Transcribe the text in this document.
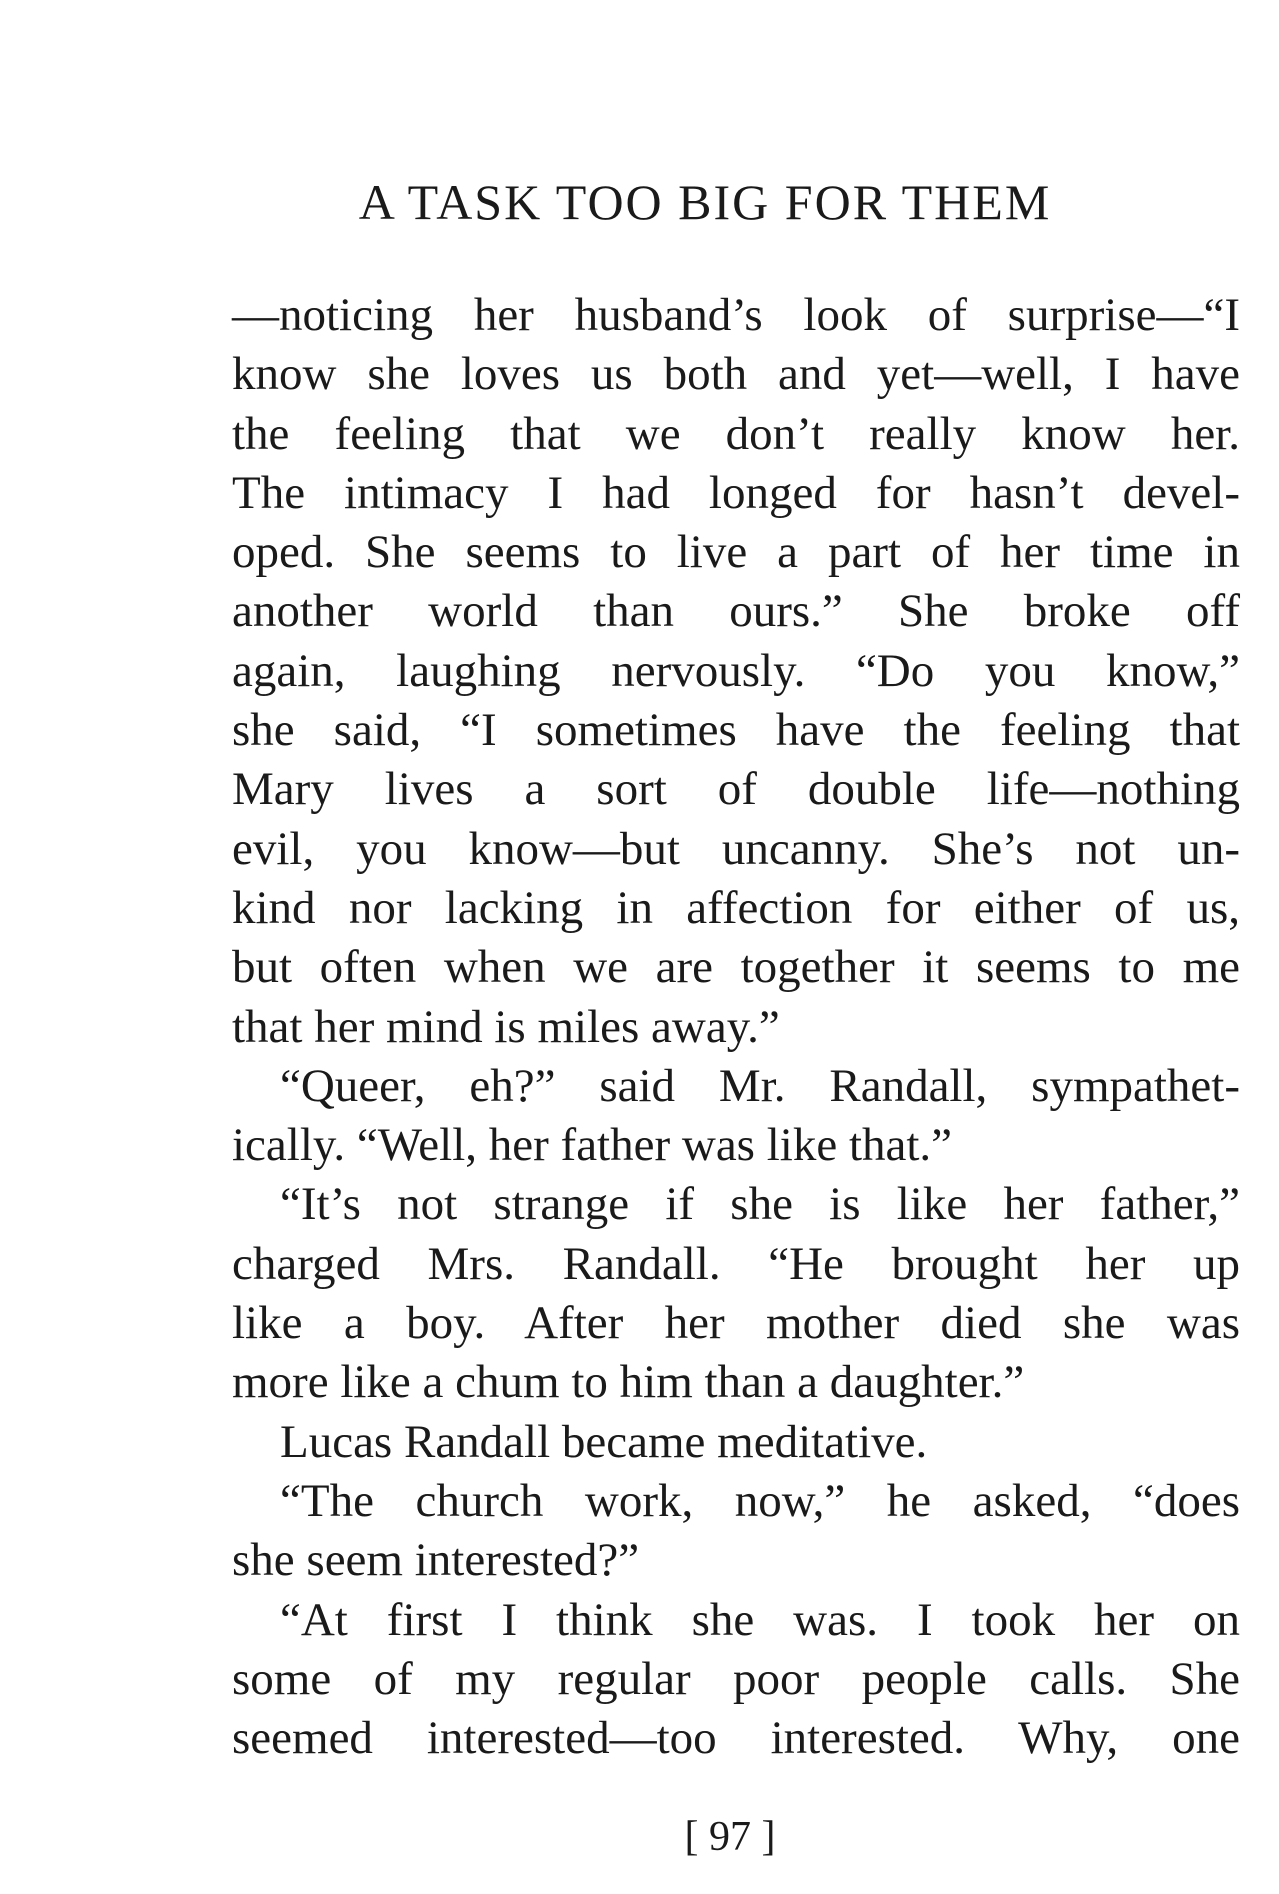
A TASK TOO BIG FOR THEM
—noticing her husband’s look of surprise—“I
know she loves us both and yet—well, I have
the feeling that we don’t really know her.
The intimacy I had longed for hasn’t devel-
oped. She seems to live a part of her time in
another world than ours.” She broke off
again, laughing nervously. “Do you know,”
she said, “I sometimes have the feeling that
Mary lives a sort of double life—nothing
evil, you know—but uncanny. She’s not un-
kind nor lacking in affection for either of us,
but often when we are together it seems to me
that her mind is miles away.”
“Queer, eh?” said Mr. Randall, sympathet-
ically. “Well, her father was like that.”
“It’s not strange if she is like her father,”
charged Mrs. Randall. “He brought her up
like a boy. After her mother died she was
more like a chum to him than a daughter.”
Lucas Randall became meditative.
“The church work, now,” he asked, “does
she seem interested?”
“At first I think she was. I took her on
some of my regular poor people calls. She
seemed interested—too interested. Why, one
[ 97 ]
